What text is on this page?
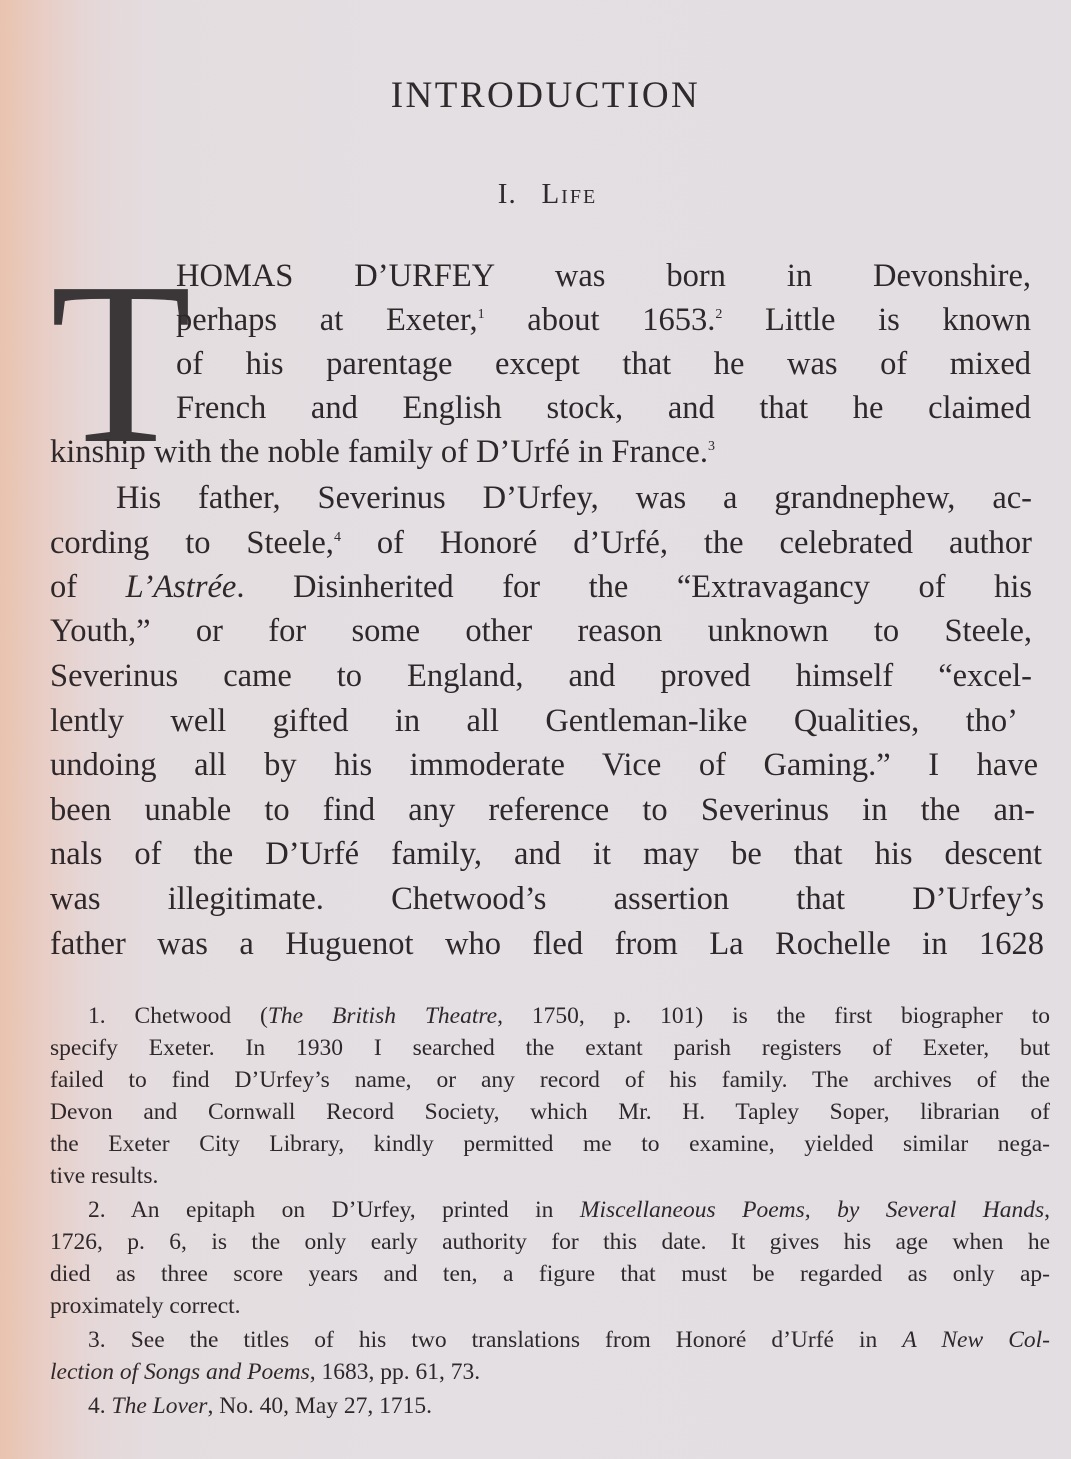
INTRODUCTION
I. Life
T
HOMAS D’URFEY was born in Devonshire,
perhaps at Exeter,$^1$ about 1653.$^2$ Little is known
of his parentage except that he was of mixed
French and English stock, and that he claimed
kinship with the noble family of D’Urfé in France.$^3$
His father, Severinus D’Urfey, was a grandnephew, ac-
cording to Steele,$^4$ of Honoré d’Urfé, the celebrated author
of L’Astrée. Disinherited for the “Extravagancy of his
Youth,” or for some other reason unknown to Steele,
Severinus came to England, and proved himself “excel-
lently well gifted in all Gentleman-like Qualities, tho’
undoing all by his immoderate Vice of Gaming.” I have
been unable to find any reference to Severinus in the an-
nals of the D’Urfé family, and it may be that his descent
was illegitimate. Chetwood’s assertion that D’Urfey’s
father was a Huguenot who fled from La Rochelle in 1628
1. Chetwood (The British Theatre, 1750, p. 101) is the first biographer to
specify Exeter. In 1930 I searched the extant parish registers of Exeter, but
failed to find D’Urfey’s name, or any record of his family. The archives of the
Devon and Cornwall Record Society, which Mr. H. Tapley Soper, librarian of
the Exeter City Library, kindly permitted me to examine, yielded similar nega-
tive results.
2. An epitaph on D’Urfey, printed in Miscellaneous Poems, by Several Hands,
1726, p. 6, is the only early authority for this date. It gives his age when he
died as three score years and ten, a figure that must be regarded as only ap-
proximately correct.
3. See the titles of his two translations from Honoré d’Urfé in A New Col-
lection of Songs and Poems, 1683, pp. 61, 73.
4. The Lover, No. 40, May 27, 1715.
